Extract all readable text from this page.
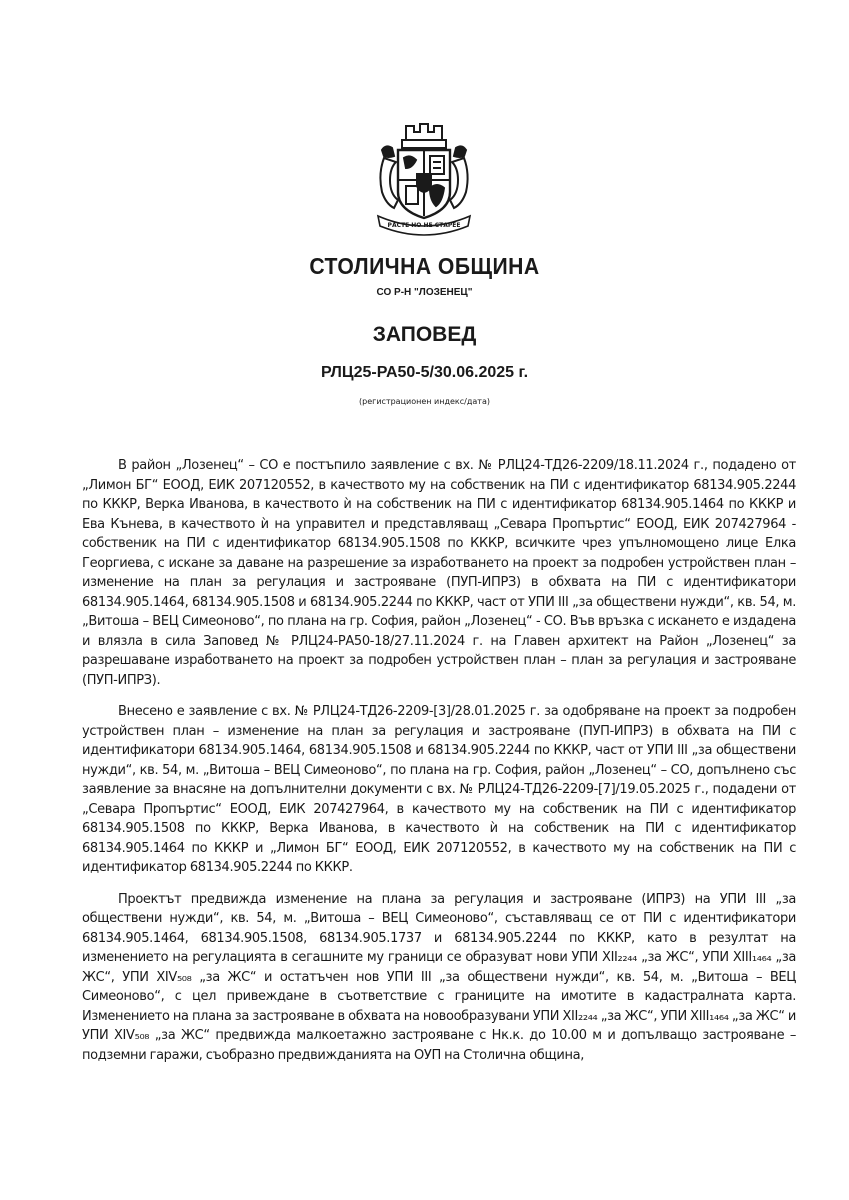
РАСТЕ НО НЕ СТАРЕЕ
СТОЛИЧНА ОБЩИНА
СО Р-Н "ЛОЗЕНЕЦ"
ЗАПОВЕД
РЛЦ25-РА50-5/30.06.2025 г.
(регистрационен индекс/дата)

В район „Лозенец“ – СО е постъпило заявление с вх. № РЛЦ24-ТД26-2209/18.11.2024 г., подадено от „Лимон БГ“ ЕООД, ЕИК 207120552, в качеството му на собственик на ПИ с идентификатор 68134.905.2244 по КККР, Верка Иванова, в качеството ѝ на собственик на ПИ с идентификатор 68134.905.1464 по КККР и Ева Кънева, в качеството ѝ на управител и представляващ „Севара Пропъртис“ ЕООД, ЕИК 207427964 - собственик на ПИ с идентификатор 68134.905.1508 по КККР, всичките чрез упълномощено лице Елка Георгиева, с искане за даване на разрешение за изработването на проект за подробен устройствен план – изменение на план за регулация и застрояване (ПУП-ИПРЗ) в обхвата на ПИ с идентификатори 68134.905.1464, 68134.905.1508 и 68134.905.2244 по КККР, част от УПИ III „за обществени нужди“, кв. 54, м. „Витоша – ВЕЦ Симеоново“, по плана на гр. София, район „Лозенец“ - СО. Във връзка с искането е издадена и влязла в сила Заповед № РЛЦ24-РА50-18/27.11.2024 г. на Главен архитект на Район „Лозенец“ за разрешаване изработването на проект за подробен устройствен план – план за регулация и застрояване (ПУП-ИПРЗ).

Внесено е заявление с вх. № РЛЦ24-ТД26-2209-[3]/28.01.2025 г. за одобряване на проект за подробен устройствен план – изменение на план за регулация и застрояване (ПУП-ИПРЗ) в обхвата на ПИ с идентификатори 68134.905.1464, 68134.905.1508 и 68134.905.2244 по КККР, част от УПИ III „за обществени нужди“, кв. 54, м. „Витоша – ВЕЦ Симеоново“, по плана на гр. София, район „Лозенец“ – СО, допълнено със заявление за внасяне на допълнителни документи с вх. № РЛЦ24-ТД26-2209-[7]/19.05.2025 г., подадени от „Севара Пропъртис“ ЕООД, ЕИК 207427964, в качеството му на собственик на ПИ с идентификатор 68134.905.1508 по КККР, Верка Иванова, в качеството ѝ на собственик на ПИ с идентификатор 68134.905.1464 по КККР и „Лимон БГ“ ЕООД, ЕИК 207120552, в качеството му на собственик на ПИ с идентификатор 68134.905.2244 по КККР.

Проектът предвижда изменение на плана за регулация и застрояване (ИПРЗ) на УПИ III „за обществени нужди“, кв. 54, м. „Витоша – ВЕЦ Симеоново“, съставляващ се от ПИ с идентификатори 68134.905.1464, 68134.905.1508, 68134.905.1737 и 68134.905.2244 по КККР, като в резултат на изменението на регулацията в сегашните му граници се образуват нови УПИ XII₂₂₄₄ „за ЖС“, УПИ XIII₁₄₆₄ „за ЖС“, УПИ XIV₅₀₈ „за ЖС“ и остатъчен нов УПИ III „за обществени нужди“, кв. 54, м. „Витоша – ВЕЦ Симеоново“, с цел привеждане в съответствие с границите на имотите в кадастралната карта. Изменението на плана за застрояване в обхвата на новообразувани УПИ XII₂₂₄₄ „за ЖС“, УПИ XIII₁₄₆₄ „за ЖС“ и УПИ XIV₅₀₈ „за ЖС“ предвижда малкоетажно застрояване с Нк.к. до 10.00 м и допълващо застрояване – подземни гаражи, съобразно предвижданията на ОУП на Столична община,
